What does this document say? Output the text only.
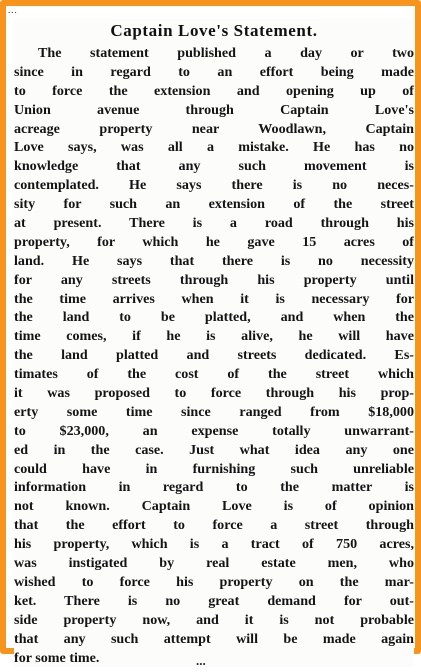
...
Captain Love's Statement.
The statement published a day or two
since in regard to an effort being made
to force the extension and opening up of
Union avenue through Captain Love's
acreage property near Woodlawn, Captain
Love says, was all a mistake. He has no
knowledge that any such movement is
contemplated. He says there is no neces-
sity for such an extension of the street
at present. There is a road through his
property, for which he gave 15 acres of
land. He says that there is no necessity
for any streets through his property until
the time arrives when it is necessary for
the land to be platted, and when the
time comes, if he is alive, he will have
the land platted and streets dedicated. Es-
timates of the cost of the street which
it was proposed to force through his prop-
erty some time since ranged from $18,000
to $23,000, an expense totally unwarrant-
ed in the case. Just what idea any one
could have in furnishing such unreliable
information in regard to the matter is
not known. Captain Love is of opinion
that the effort to force a street through
his property, which is a tract of 750 acres,
was instigated by real estate men, who
wished to force his property on the mar-
ket. There is no great demand for out-
side property now, and it is not probable
that any such attempt will be made again
for some time.
